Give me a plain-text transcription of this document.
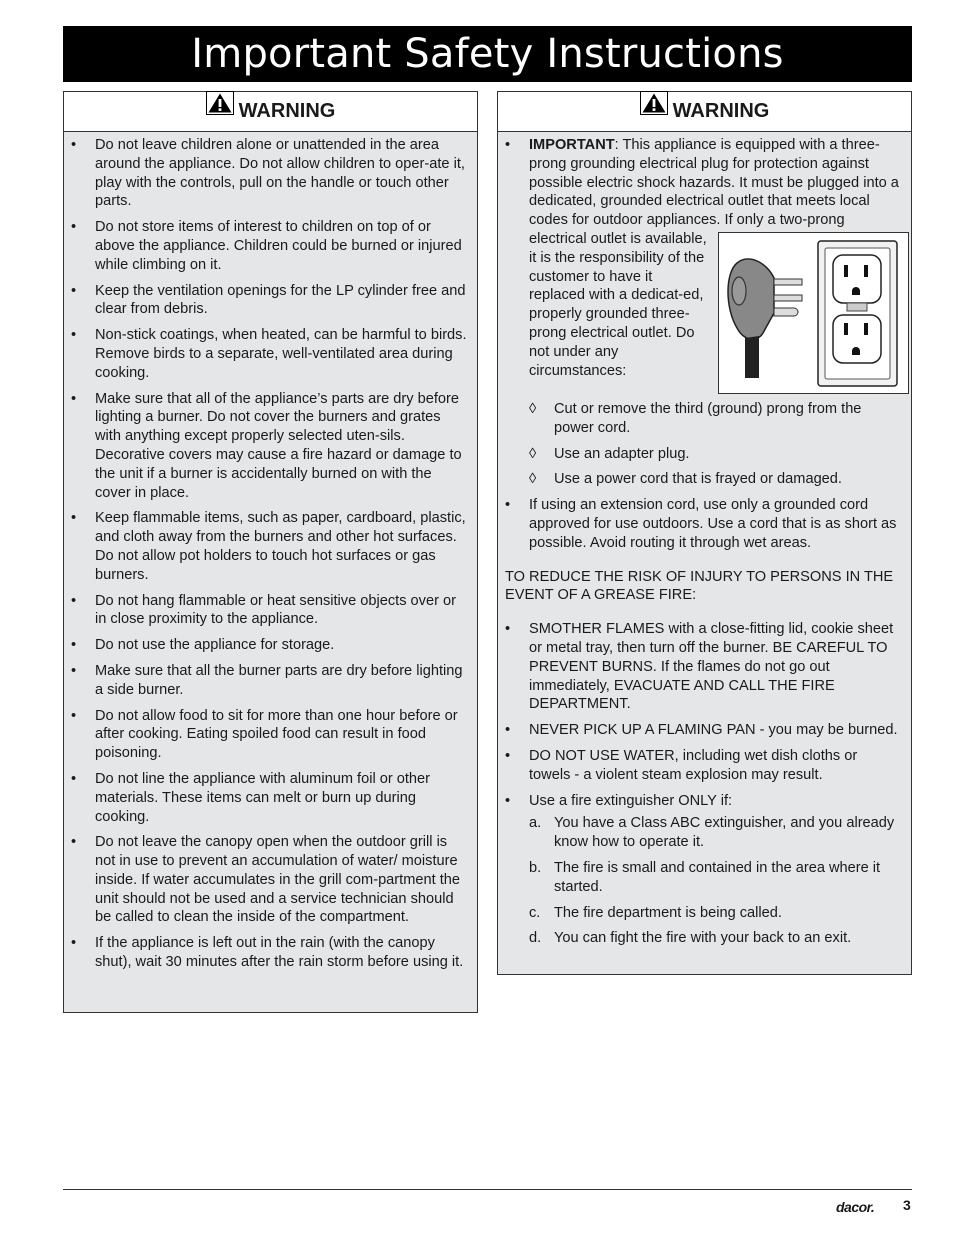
Important Safety Instructions
WARNING
• Do not leave children alone or unattended in the area around the appliance. Do not allow children to oper-ate it, play with the controls, pull on the handle or touch other parts.
• Do not store items of interest to children on top of or above the appliance. Children could be burned or injured while climbing on it.
• Keep the ventilation openings for the LP cylinder free and clear from debris.
• Non-stick coatings, when heated, can be harmful to birds. Remove birds to a separate, well-ventilated area during cooking.
• Make sure that all of the appliance’s parts are dry before lighting a burner. Do not cover the burners and grates with anything except properly selected uten-sils. Decorative covers may cause a fire hazard or damage to the unit if a burner is accidentally burned on with the cover in place.
• Keep flammable items, such as paper, cardboard, plastic, and cloth away from the burners and other hot surfaces. Do not allow pot holders to touch hot surfaces or gas burners.
• Do not hang flammable or heat sensitive objects over or in close proximity to the appliance.
• Do not use the appliance for storage.
• Make sure that all the burner parts are dry before lighting a side burner.
• Do not allow food to sit for more than one hour before or after cooking. Eating spoiled food can result in food poisoning.
• Do not line the appliance with aluminum foil or other materials. These items can melt or burn up during cooking.
• Do not leave the canopy open when the outdoor grill is not in use to prevent an accumulation of water/ moisture inside. If water accumulates in the grill com-partment the unit should not be used and a service technician should be called to clean the inside of the compartment.
• If the appliance is left out in the rain (with the canopy shut), wait 30 minutes after the rain storm before using it.
WARNING
• IMPORTANT: This appliance is equipped with a three-prong grounding electrical plug for protection against possible electric shock hazards. It must be plugged into a dedicated, grounded electrical outlet that meets local codes for outdoor appliances. If only a two-prong electrical outlet is available, it is the responsibility of the customer to have it replaced with a dedicat-ed, properly grounded three-prong electrical outlet. Do not under any circumstances:
◊ Cut or remove the third (ground) prong from the power cord.
◊ Use an adapter plug.
◊ Use a power cord that is frayed or damaged.
• If using an extension cord, use only a grounded cord approved for use outdoors. Use a cord that is as short as possible. Avoid routing it through wet areas.
TO REDUCE THE RISK OF INJURY TO PERSONS IN THE EVENT OF A GREASE FIRE:
• SMOTHER FLAMES with a close-fitting lid, cookie sheet or metal tray, then turn off the burner. BE CAREFUL TO PREVENT BURNS. If the flames do not go out immediately, EVACUATE AND CALL THE FIRE DEPARTMENT.
• NEVER PICK UP A FLAMING PAN - you may be burned.
• DO NOT USE WATER, including wet dish cloths or towels - a violent steam explosion may result.
• Use a fire extinguisher ONLY if:
a. You have a Class ABC extinguisher, and you already know how to operate it.
b. The fire is small and contained in the area where it started.
c. The fire department is being called.
d. You can fight the fire with your back to an exit.
dacor. 3
